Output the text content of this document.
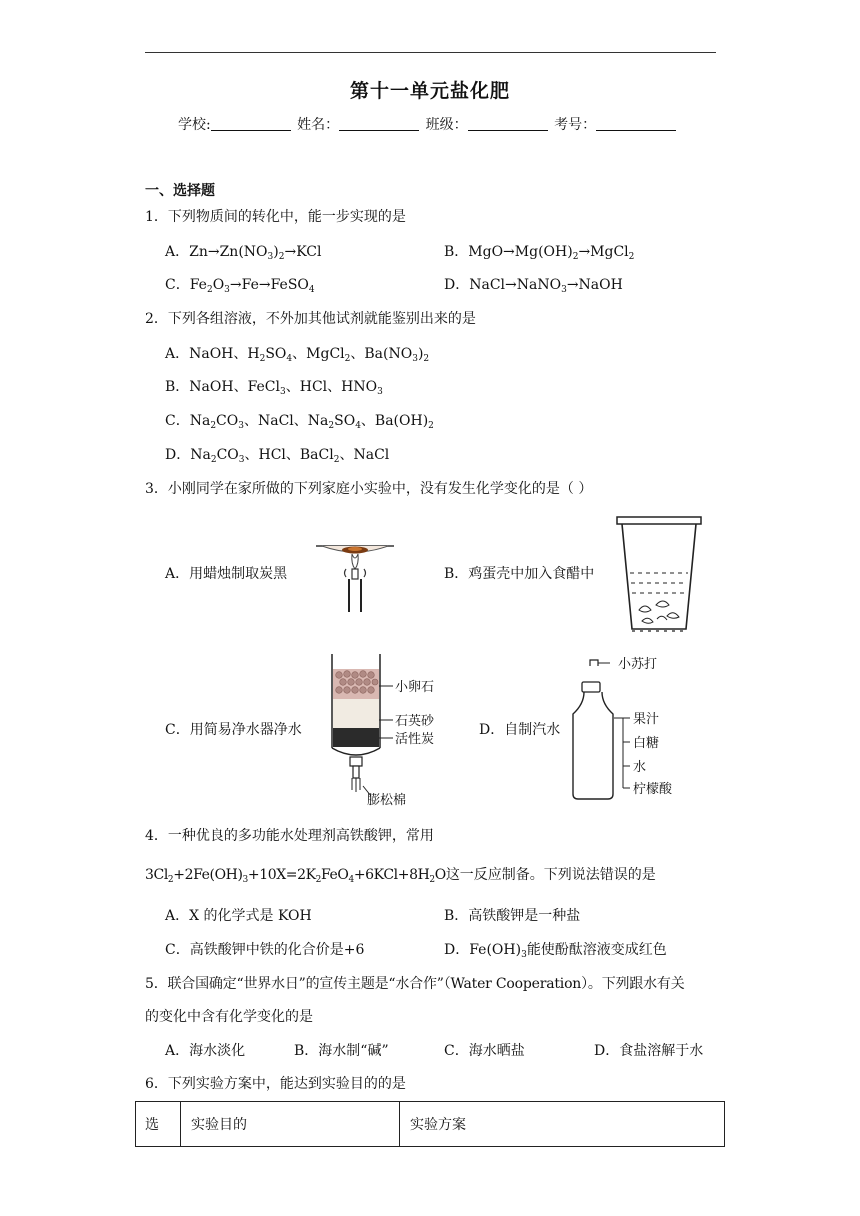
第十一单元盐化肥
学校:	姓名：	班级：	考号：
一、选择题
1．下列物质间的转化中，能一步实现的是
A．$Zn\to Zn(NO_3)_2\to KCl$	B．$MgO\to Mg(OH)_2\to MgCl_2$
C．$Fe_2O_3\to Fe\to FeSO_4$	D．NaCl→NaNO$_3$→NaOH
2．下列各组溶液，不外加其他试剂就能鉴别出来的是
A．NaOH、$H_2SO_4$、MgCl$_2$、$Ba(NO_3)_2$
B．NaOH、FeCl$_3$、HCl、$HNO_3$
C．$Na_2CO_3$、NaCl、$Na_2SO_4$、$Ba(OH)_2$
D．$Na_2CO_3$、HCl、BaCl$_2$、NaCl
3．小刚同学在家所做的下列家庭小实验中，没有发生化学变化的是（ ）
A．用蜡烛制取炭黑	B．鸡蛋壳中加入食醋中
C．用简易净水器净水	D．自制汽水
小卵石
石英砂
活性炭
膨松棉
小苏打
果汁
白糖
水
柠檬酸
4．一种优良的多功能水处理剂高铁酸钾，常用
$3Cl_2+2Fe(OH)_3+10X=2K_2FeO_4+6KCl+8H_2O$这一反应制备。下列说法错误的是
A．X 的化学式是 KOH	B．高铁酸钾是一种盐
C．高铁酸钾中铁的化合价是+6	D．$Fe(OH)_3$能使酚酞溶液变成红色
5．联合国确定“世界水日”的宣传主题是“水合作”（Water Cooperation）。下列跟水有关
的变化中含有化学变化的是
A．海水淡化	B．海水制“碱”	C．海水晒盐	D．食盐溶解于水
6．下列实验方案中，能达到实验目的的是
选	实验目的	实验方案
